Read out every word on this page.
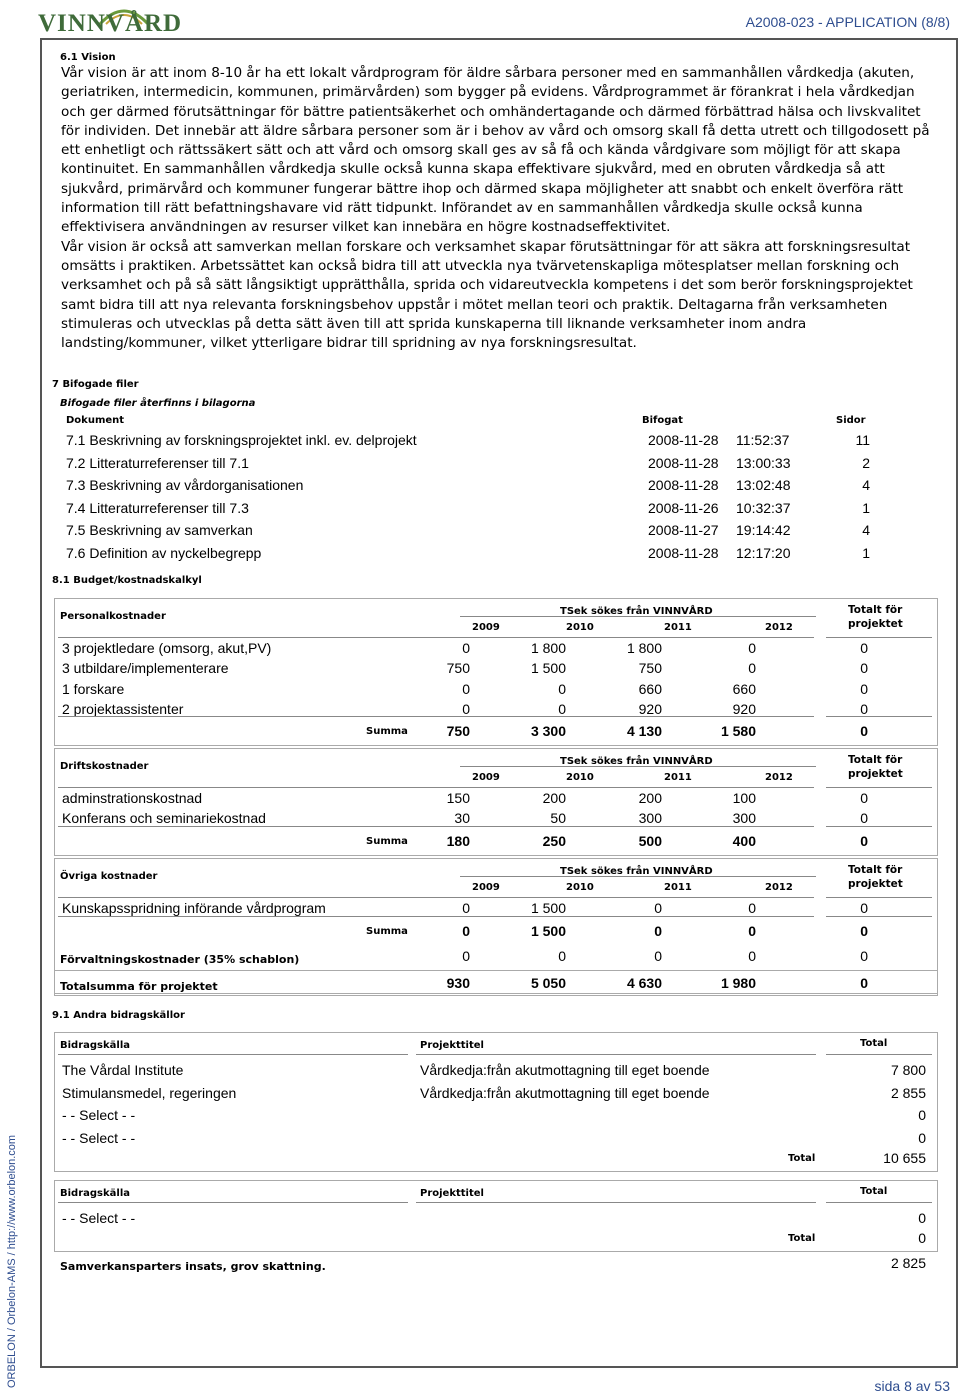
VINNVÅRD	A2008-023 - APPLICATION (8/8)
ORBELON / Orbelon-AMS / http://www.orbelon.com
6.1 Vision

Vår vision är att inom 8-10 år ha ett lokalt vårdprogram för äldre sårbara personer med en sammanhållen vårdkedja (akuten, geriatriken, intermedicin, kommunen, primärvården) som bygger på evidens. Vårdprogrammet är förankrat i hela vårdkedjan och ger därmed förutsättningar för bättre patientsäkerhet och omhändertagande och därmed förbättrad hälsa och livskvalitet för individen. Det innebär att äldre sårbara personer som är i behov av vård och omsorg skall få detta utrett och tillgodosett på ett enhetligt och rättssäkert sätt och att vård och omsorg skall ges av så få och kända vårdgivare som möjligt för att skapa kontinuitet. En sammanhållen vårdkedja skulle också kunna skapa effektivare sjukvård, med en obruten vårdkedja så att sjukvård, primärvård och kommuner fungerar bättre ihop och därmed skapa möjligheter att snabbt och enkelt överföra rätt information till rätt befattningshavare vid rätt tidpunkt. Införandet av en sammanhållen vårdkedja skulle också kunna effektivisera användningen av resurser vilket kan innebära en högre kostnadseffektivitet.

Vår vision är också att samverkan mellan forskare och verksamhet skapar förutsättningar för att säkra att forskningsresultat omsätts i praktiken. Arbetssättet kan också bidra till att utveckla nya tvärvetenskapliga mötesplatser mellan forskning och verksamhet och på så sätt långsiktigt upprätthålla, sprida och vidareutveckla kompetens i det som berör forskningsprojektet samt bidra till att nya relevanta forskningsbehov uppstår i mötet mellan teori och praktik. Deltagarna från verksamheten stimuleras och utvecklas på detta sätt även till att sprida kunskaperna till liknande verksamheter inom andra landsting/kommuner, vilket ytterligare bidrar till spridning av nya forskningsresultat.

7 Bifogade filer
Bifogade filer återfinns i bilagorna
Dokument	Bifogat	Sidor
7.1 Beskrivning av forskningsprojektet inkl. ev. delprojekt	2008-11-28 11:52:37	11
7.2 Litteraturreferenser till 7.1	2008-11-28 13:00:33	2
7.3 Beskrivning av vårdorganisationen	2008-11-28 13:02:48	4
7.4 Litteraturreferenser till 7.3	2008-11-26 10:32:37	1
7.5 Beskrivning av samverkan	2008-11-27 19:14:42	4
7.6 Definition av nyckelbegrepp	2008-11-28 12:17:20	1
8.1 Budget/kostnadskalkyl
Personalkostnader	TSek sökes från VINNVÅRD	Totalt för projektet
2009	2010	2011	2012
3 projektledare (omsorg, akut,PV)	0	1 800	1 800	0	0
3 utbildare/implementerare	750	1 500	750	0	0
1 forskare	0	0	660	660	0
2 projektassistenter	0	0	920	920	0
Summa	750	3 300	4 130	1 580	0
Driftskostnader	TSek sökes från VINNVÅRD	Totalt för projektet
2009	2010	2011	2012
adminstrationskostnad	150	200	200	100	0
Konferans och seminariekostnad	30	50	300	300	0
Summa	180	250	500	400	0
Övriga kostnader	TSek sökes från VINNVÅRD	Totalt för projektet
2009	2010	2011	2012
Kunskapsspridning införande vårdprogram	0	1 500	0	0	0
Summa	0	1 500	0	0	0
Förvaltningskostnader (35% schablon)	0	0	0	0	0
Totalsumma för projektet	930	5 050	4 630	1 980	0
9.1 Andra bidragskällor
Bidragskälla	Projekttitel	Total
The Vårdal Institute	Vårdkedja:från akutmottagning till eget boende	7 800
Stimulansmedel, regeringen	Vårdkedja:från akutmottagning till eget boende	2 855
- - Select - -	0
- - Select - -	0
Total	10 655
Bidragskälla	Projekttitel	Total
- - Select - -	0
Total	0
Samverkansparters insats, grov skattning.	2 825
sida 8 av 53
